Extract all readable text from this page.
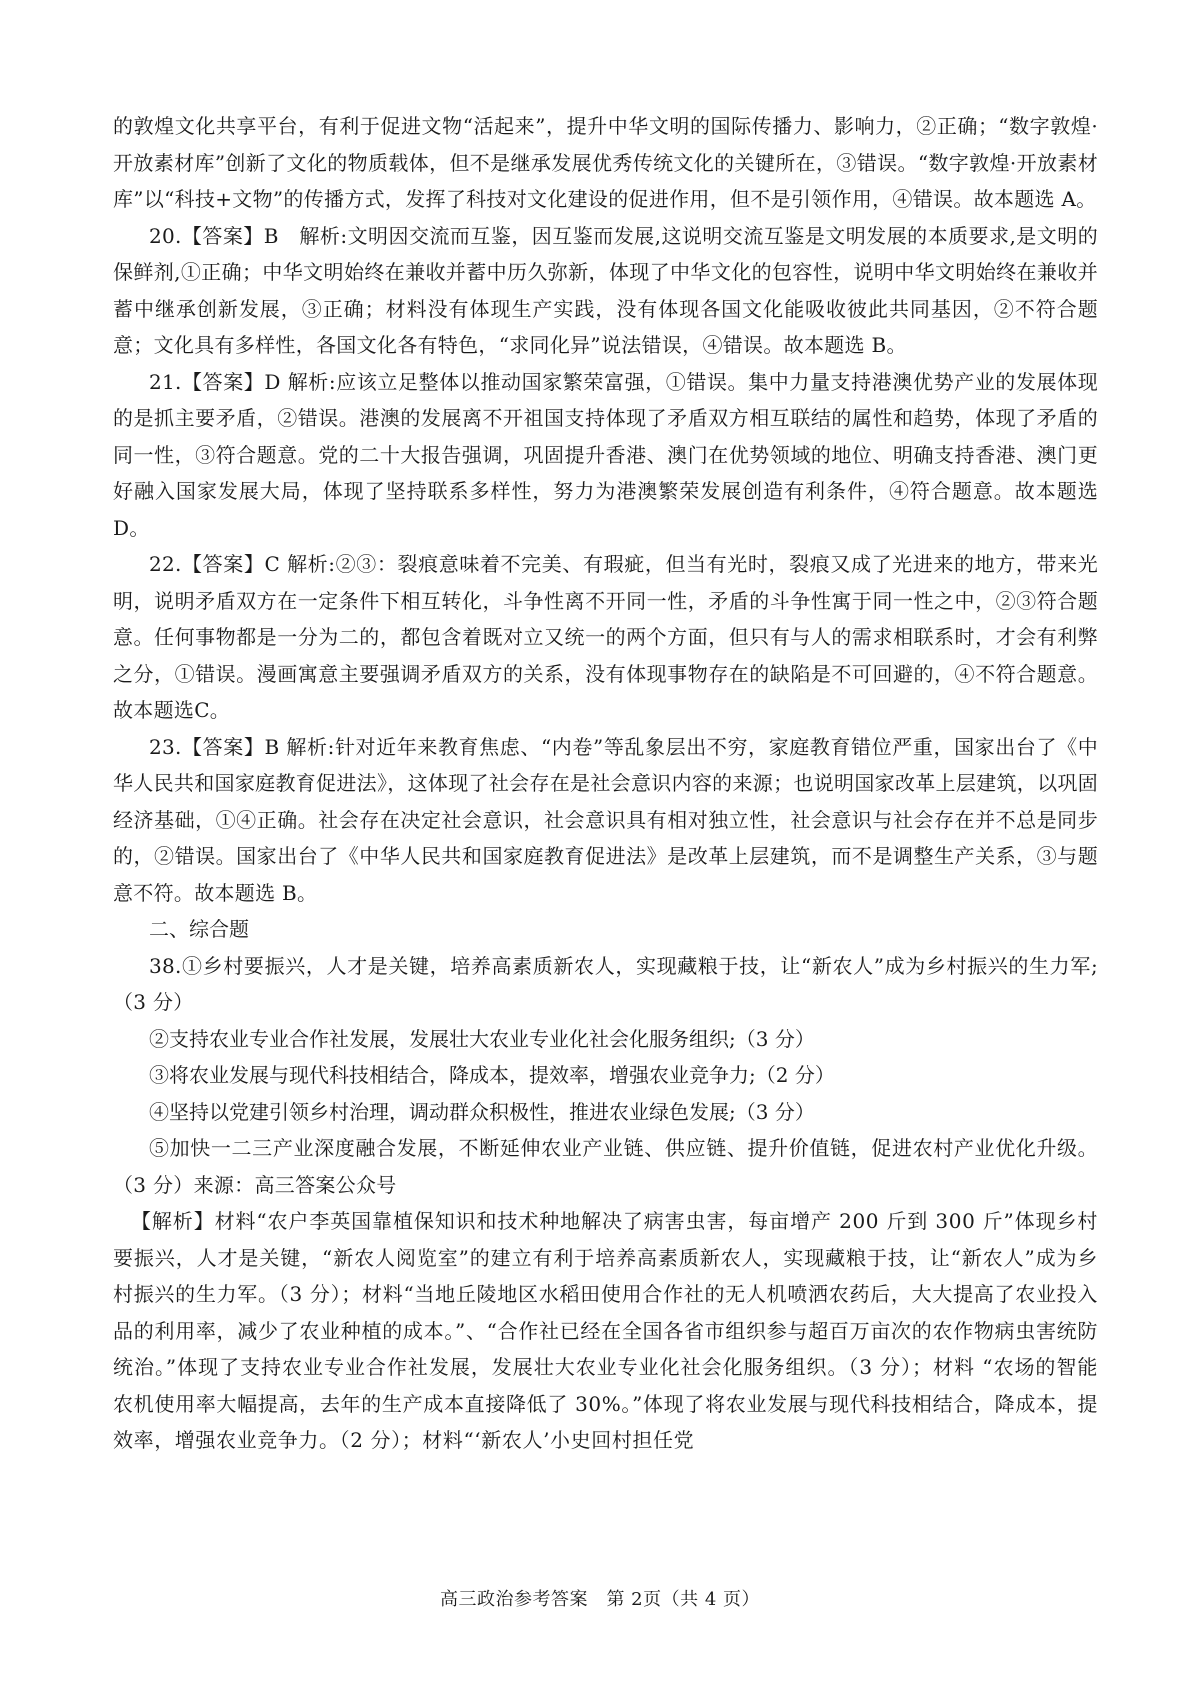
的敦煌文化共享平台，有利于促进文物“活起来”，提升中华文明的国际传播力、影响力，②正确；“数字敦煌·开放素材库”创新了文化的物质载体，但不是继承发展优秀传统文化的关键所在，③错误。“数字敦煌·开放素材库”以“科技+文物”的传播方式，发挥了科技对文化建设的促进作用，但不是引领作用，④错误。故本题选 A。

20.【答案】B　解析:文明因交流而互鉴，因互鉴而发展,这说明交流互鉴是文明发展的本质要求,是文明的保鲜剂,①正确；中华文明始终在兼收并蓄中历久弥新，体现了中华文化的包容性，说明中华文明始终在兼收并蓄中继承创新发展，③正确；材料没有体现生产实践，没有体现各国文化能吸收彼此共同基因，②不符合题意；文化具有多样性，各国文化各有特色，“求同化异”说法错误，④错误。故本题选 B。

21.【答案】D 解析:应该立足整体以推动国家繁荣富强，①错误。集中力量支持港澳优势产业的发展体现的是抓主要矛盾，②错误。港澳的发展离不开祖国支持体现了矛盾双方相互联结的属性和趋势，体现了矛盾的同一性，③符合题意。党的二十大报告强调，巩固提升香港、澳门在优势领域的地位、明确支持香港、澳门更好融入国家发展大局，体现了坚持联系多样性，努力为港澳繁荣发展创造有利条件，④符合题意。故本题选 D。

22.【答案】C 解析:②③：裂痕意味着不完美、有瑕疵，但当有光时，裂痕又成了光进来的地方，带来光明，说明矛盾双方在一定条件下相互转化，斗争性离不开同一性，矛盾的斗争性寓于同一性之中，②③符合题意。任何事物都是一分为二的，都包含着既对立又统一的两个方面，但只有与人的需求相联系时，才会有利弊之分，①错误。漫画寓意主要强调矛盾双方的关系，没有体现事物存在的缺陷是不可回避的，④不符合题意。故本题选C。

23.【答案】B 解析:针对近年来教育焦虑、“内卷”等乱象层出不穷，家庭教育错位严重，国家出台了《中华人民共和国家庭教育促进法》，这体现了社会存在是社会意识内容的来源；也说明国家改革上层建筑，以巩固经济基础，①④正确。社会存在决定社会意识，社会意识具有相对独立性，社会意识与社会存在并不总是同步的，②错误。国家出台了《中华人民共和国家庭教育促进法》是改革上层建筑，而不是调整生产关系，③与题意不符。故本题选 B。

二、综合题

38.①乡村要振兴，人才是关键，培养高素质新农人，实现藏粮于技，让“新农人”成为乡村振兴的生力军;（3 分）

②支持农业专业合作社发展，发展壮大农业专业化社会化服务组织;（3 分）

③将农业发展与现代科技相结合，降成本，提效率，增强农业竞争力;（2 分）

④坚持以党建引领乡村治理，调动群众积极性，推进农业绿色发展;（3 分）

⑤加快一二三产业深度融合发展，不断延伸农业产业链、供应链、提升价值链，促进农村产业优化升级。（3 分）来源：高三答案公众号

【解析】材料“农户李英国靠植保知识和技术种地解决了病害虫害，每亩增产 200 斤到 300 斤”体现乡村要振兴，人才是关键，“新农人阅览室”的建立有利于培养高素质新农人，实现藏粮于技，让“新农人”成为乡村振兴的生力军。（3 分）；材料“当地丘陵地区水稻田使用合作社的无人机喷洒农药后，大大提高了农业投入品的利用率，减少了农业种植的成本。”、“合作社已经在全国各省市组织参与超百万亩次的农作物病虫害统防统治。”体现了支持农业专业合作社发展，发展壮大农业专业化社会化服务组织。（3 分）；材料 “农场的智能农机使用率大幅提高，去年的生产成本直接降低了 30%。”体现了将农业发展与现代科技相结合，降成本，提效率，增强农业竞争力。（2 分）；材料“‘新农人’小史回村担任党

高三政治参考答案　第 2页（共 4 页）
